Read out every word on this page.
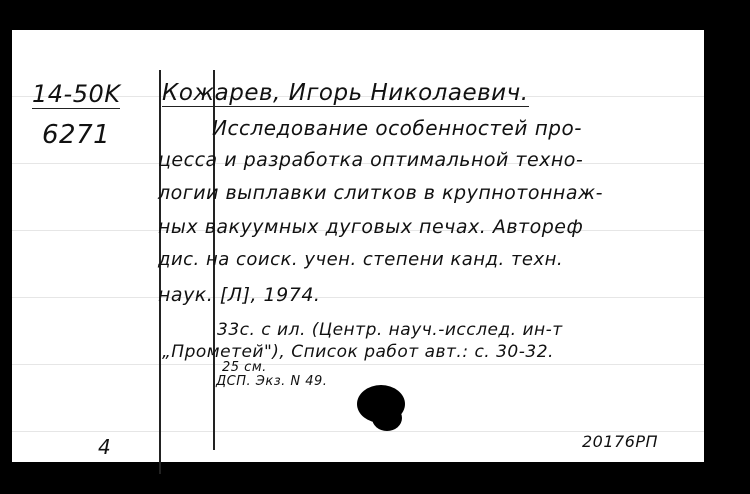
14-50K Кожарев, Игорь Николаевич.
6271	Исследование особенностей про-
цесса и разработка оптимальной техно-
логии выплавки слитков в крупнотоннаж-
ных вакуумных дуговых печах. Автореф
дис. на соиск. учен. степени канд. техн.
наук. [Л], 1974.
33с. с ил. (Центр. науч.-исслед. ин-т
„Прометей"), Список работ авт.: с. 30-32.
25 см.
ДСП. Экз. N 49.
4	20176РП
